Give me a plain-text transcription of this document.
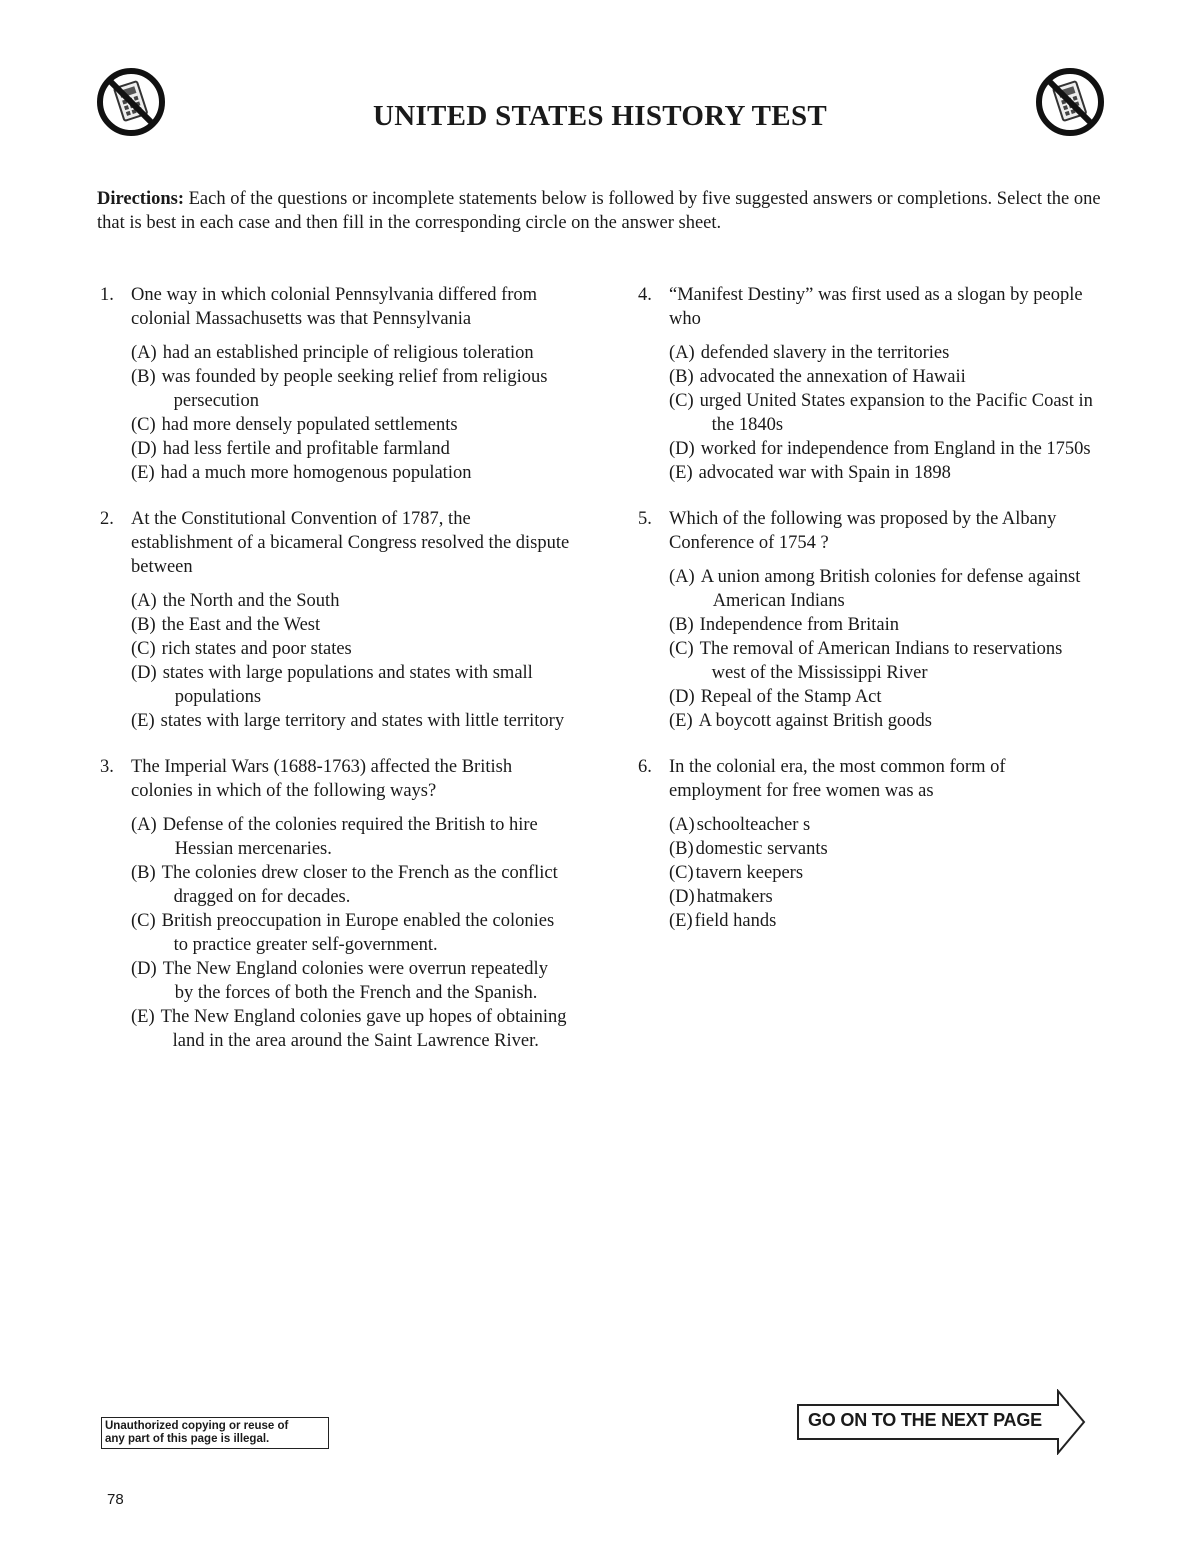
UNITED STATES HISTORY TEST
Directions: Each of the questions or incomplete statements below is followed by five suggested answers or completions. Select the one that is best in each case and then fill in the corresponding circle on the answer sheet.
1. One way in which colonial Pennsylvania differed from colonial Massachusetts was that Pennsylvania
(A) had an established principle of religious toleration
(B) was founded by people seeking relief from religious persecution
(C) had more densely populated settlements
(D) had less fertile and profitable farmland
(E) had a much more homogenous population
2. At the Constitutional Convention of 1787, the establishment of a bicameral Congress resolved the dispute between
(A) the North and the South
(B) the East and the West
(C) rich states and poor states
(D) states with large populations and states with small populations
(E) states with large territory and states with little territory
3. The Imperial Wars (1688-1763) affected the British colonies in which of the following ways?
(A) Defense of the colonies required the British to hire Hessian mercenaries.
(B) The colonies drew closer to the French as the conflict dragged on for decades.
(C) British preoccupation in Europe enabled the colonies to practice greater self-government.
(D) The New England colonies were overrun repeatedly by the forces of both the French and the Spanish.
(E) The New England colonies gave up hopes of obtaining land in the area around the Saint Lawrence River.
4. “Manifest Destiny” was first used as a slogan by people who
(A) defended slavery in the territories
(B) advocated the annexation of Hawaii
(C) urged United States expansion to the Pacific Coast in the 1840s
(D) worked for independence from England in the 1750s
(E) advocated war with Spain in 1898
5. Which of the following was proposed by the Albany Conference of 1754 ?
(A) A union among British colonies for defense against American Indians
(B) Independence from Britain
(C) The removal of American Indians to reservations west of the Mississippi River
(D) Repeal of the Stamp Act
(E) A boycott against British goods
6. In the colonial era, the most common form of employment for free women was as
(A) schoolteacher s
(B) domestic servants
(C) tavern keepers
(D) hatmakers
(E) field hands
Unauthorized copying or reuse of
any part of this page is illegal.
GO ON TO THE NEXT PAGE
78
